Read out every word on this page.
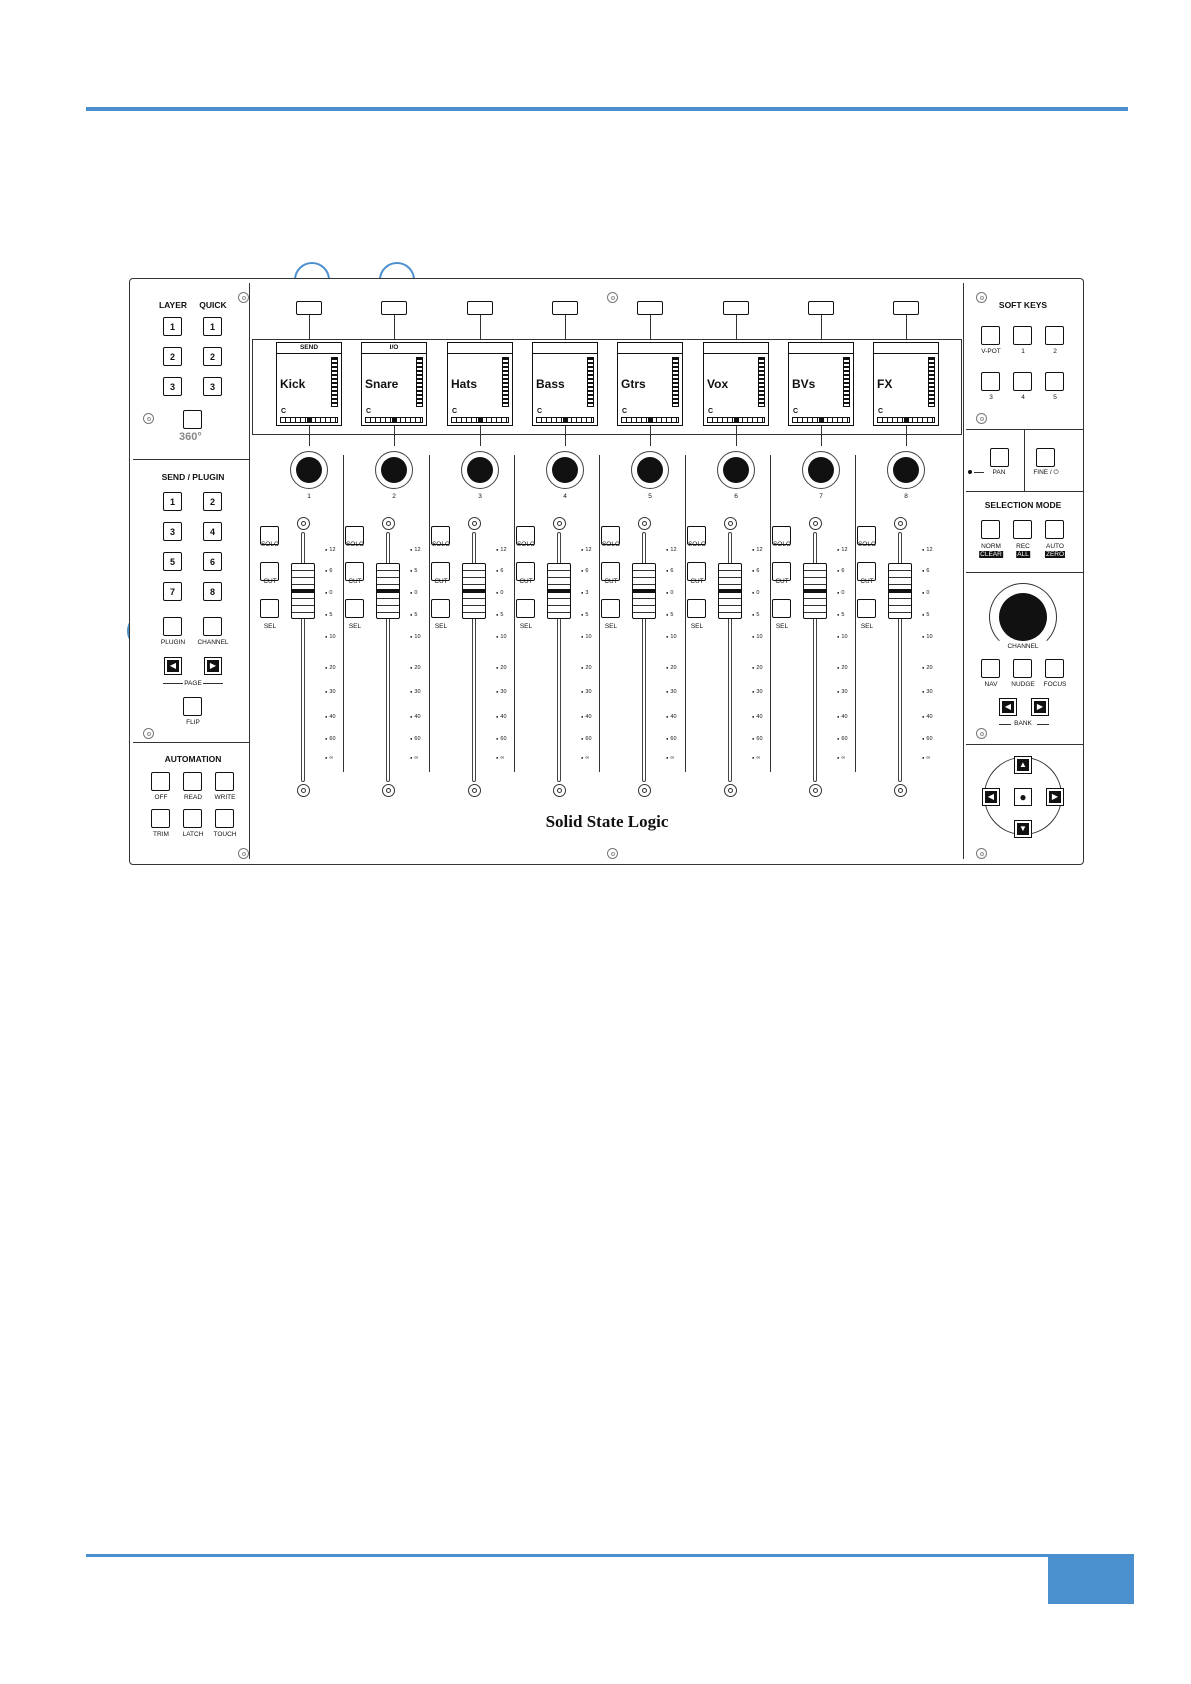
LAYER QUICK
1
2
3
1
2
3
360°
SEND / PLUGIN
1	2
3	4
5	6
7	8
PLUGIN CHANNEL
◀	▶
PAGE
FLIP
AUTOMATION
OFF	READ WRITE
TRIM LATCH TOUCH
SEND
Kick
C
1
SOLO
CUT
SEL
● 12
● 6
● 0
● 5
● 10
● 20
● 30
● 40
● 60
● ∞
I/O
Snare
C
2
SOLO
CUT
SEL
● 12
● 5
● 0
● 5
● 10
● 20
● 30
● 40
● 60
● ∞
Hats
C
3
SOLO
CUT
SEL
● 12
● 6
● 0
● 5
● 10
● 20
● 30
● 40
● 60
● ∞
Bass
C
4
SOLO
CUT
SEL
● 12
● 6
● 3
● 5
● 10
● 20
● 30
● 40
● 60
● ∞
Gtrs
C
5
SOLO
CUT
SEL
● 12
● 6
● 0
● 5
● 10
● 20
● 30
● 40
● 60
● ∞
Vox
C
6
SOLO
CUT
SEL
● 12
● 6
● 0
● 5
● 10
● 20
● 30
● 40
● 60
● ∞
BVs
C
7
SOLO
CUT
SEL
● 12
● 6
● 0
● 5
● 10
● 20
● 30
● 40
● 60
● ∞
FX
C
8
SOLO
CUT
SEL
● 12
● 6
● 0
● 5
● 10
● 20
● 30
● 40
● 60
● ∞
SOFT KEYS
V-POT	1	2
3	4	5
PAN	FINE / ⏻
SELECTION MODE
NORM
CLEAR
REC
ALL
AUTO
ZERO
CHANNEL
NAV NUDGE FOCUS
◀	▶
BANK
▲
▼
◀	▶
●
Solid State Logic
